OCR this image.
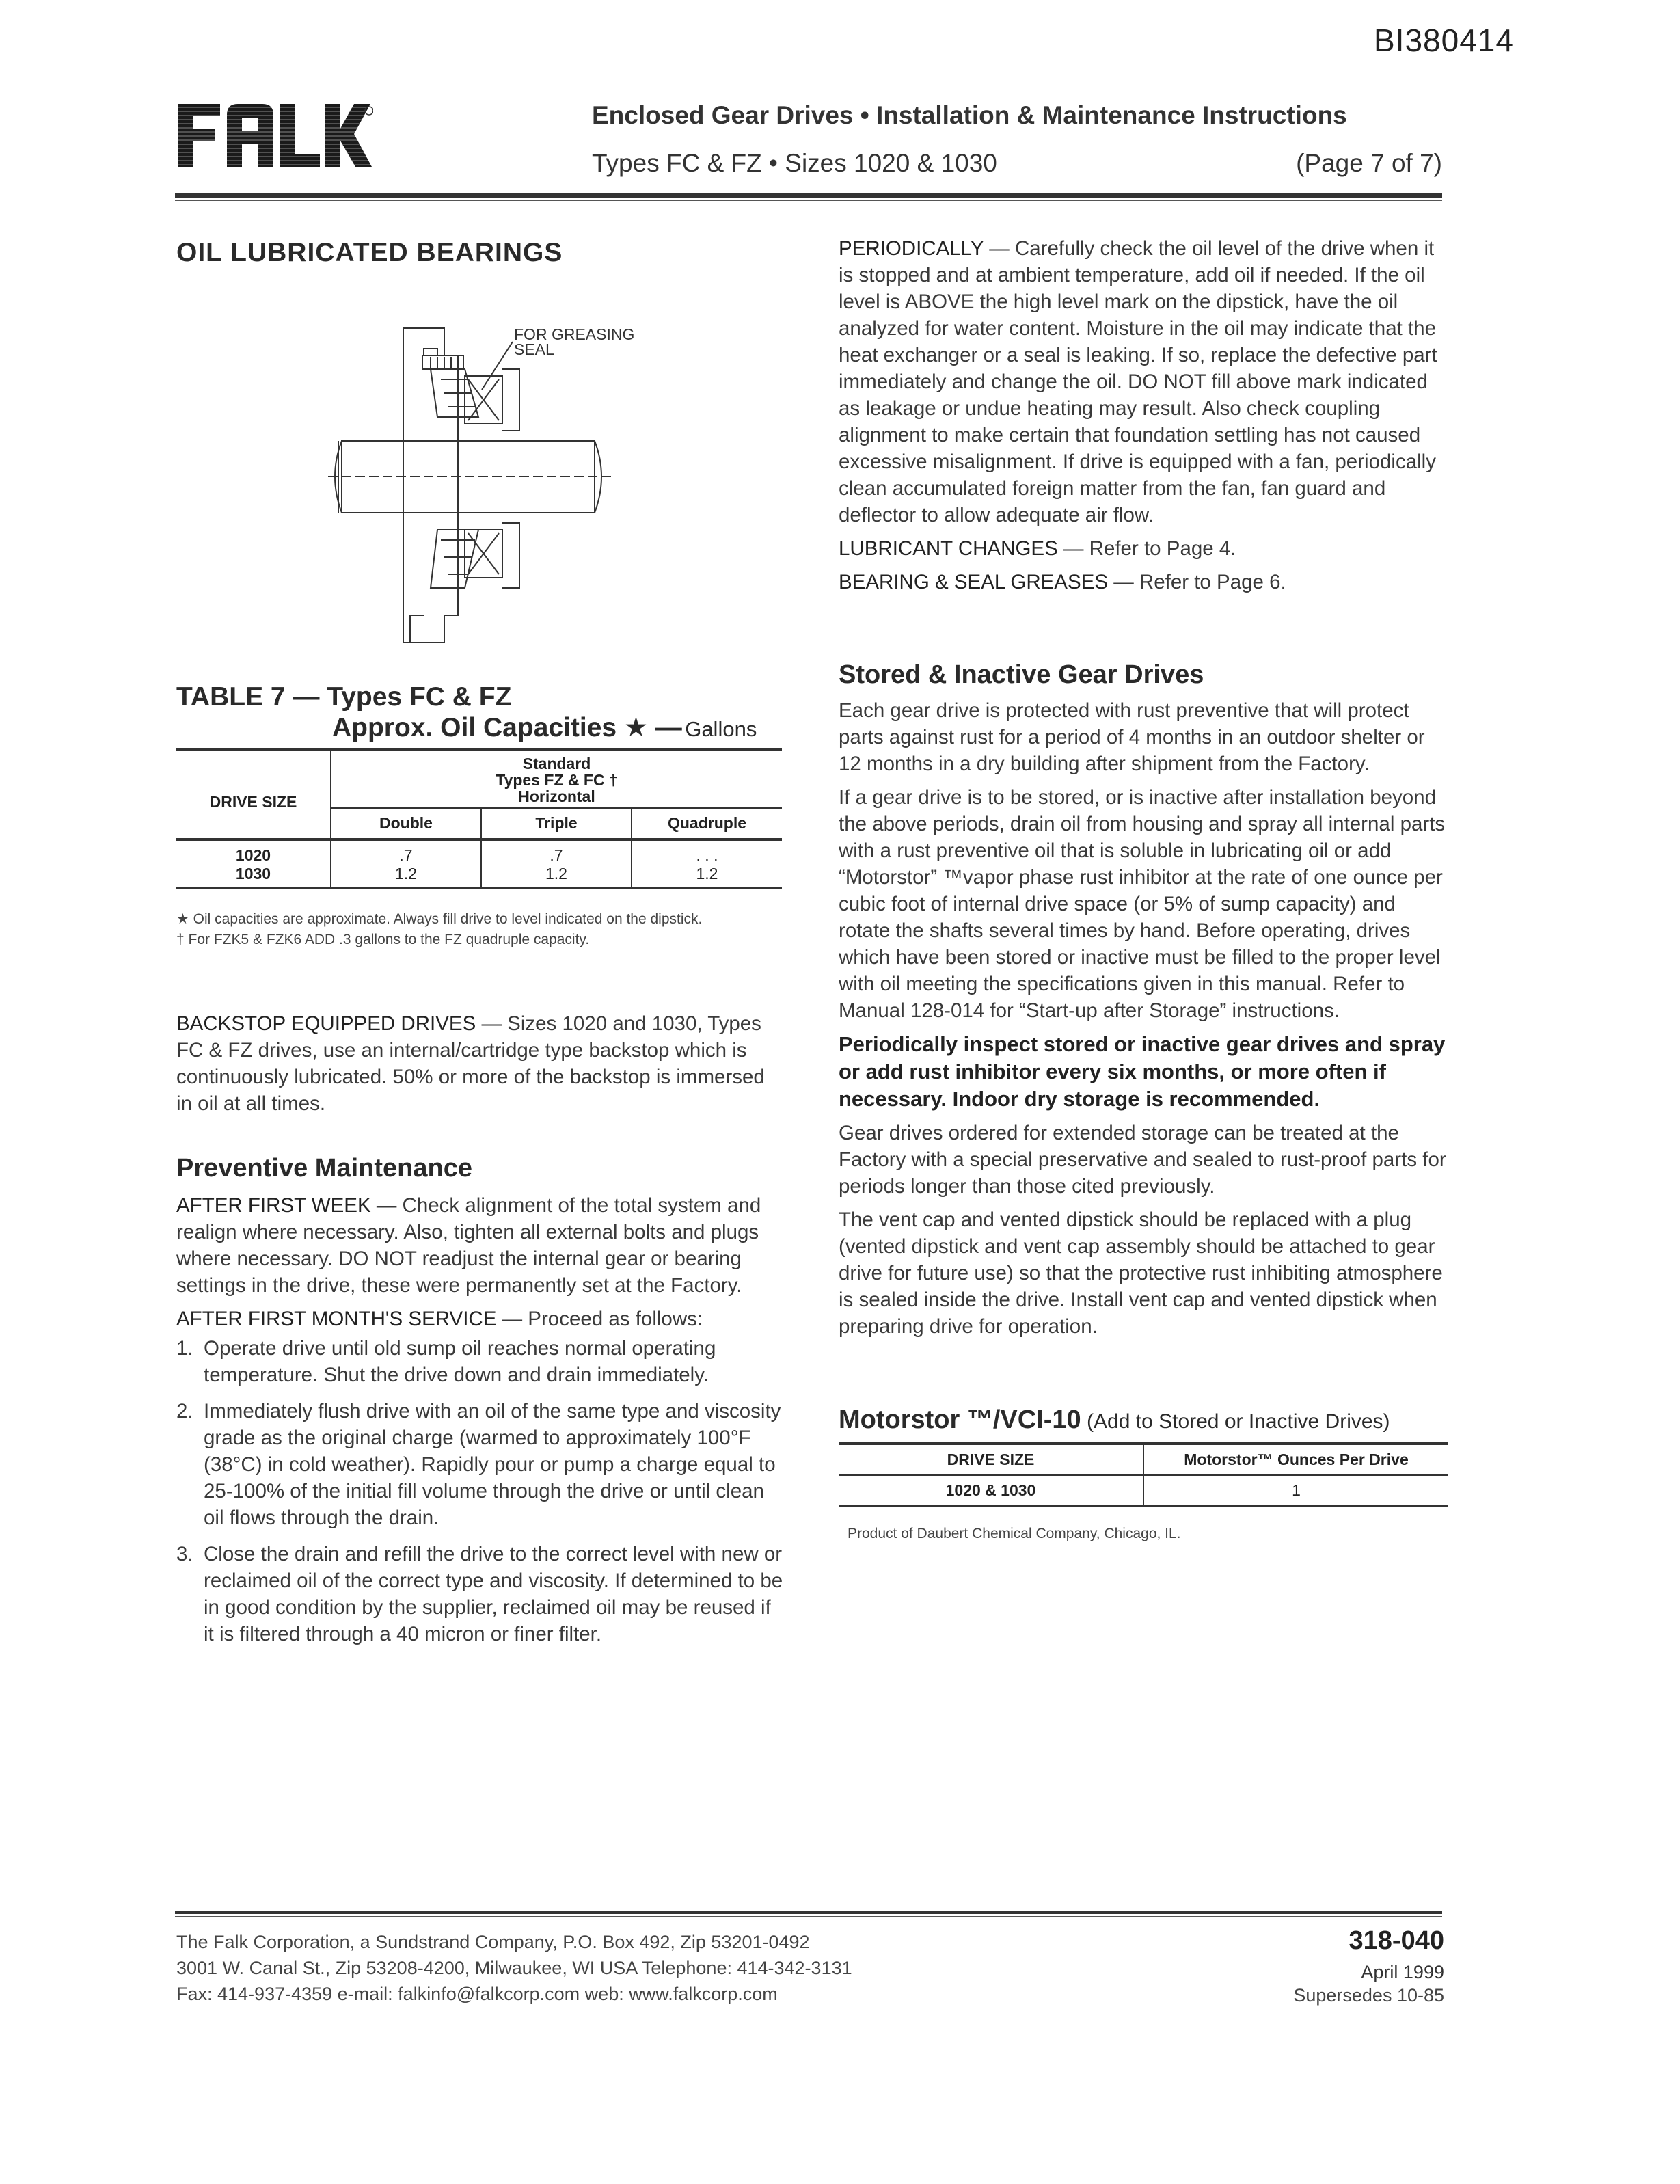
BI380414
Enclosed Gear Drives • Installation & Maintenance Instructions
Types FC & FZ • Sizes 1020 & 1030	(Page 7 of 7)
OIL LUBRICATED BEARINGS
FOR GREASING
SEAL
TABLE 7 — Types FC & FZ
Approx. Oil Capacities ★ — Gallons
DRIVE SIZE	Standard
Types FZ & FC †
Horizontal		

	Double	Triple	Quadruple
1020	.7	.7	. . .
1030	1.2	1.2	1.2
★ Oil capacities are approximate. Always fill drive to level indicated on the dipstick.
† For FZK5 & FZK6 ADD .3 gallons to the FZ quadruple capacity.

BACKSTOP EQUIPPED DRIVES — Sizes 1020 and 1030, Types FC & FZ drives, use an internal/cartridge type backstop which is continuously lubricated. 50% or more of the backstop is immersed in oil at all times.

Preventive Maintenance

AFTER FIRST WEEK — Check alignment of the total system and realign where necessary. Also, tighten all external bolts and plugs where necessary. DO NOT readjust the internal gear or bearing settings in the drive, these were permanently set at the Factory.

AFTER FIRST MONTH'S SERVICE — Proceed as follows:

1. Operate drive until old sump oil reaches normal operating temperature. Shut the drive down and drain immediately.
2. Immediately flush drive with an oil of the same type and viscosity grade as the original charge (warmed to approximately 100°F (38°C) in cold weather). Rapidly pour or pump a charge equal to 25-100% of the initial fill volume through the drive or until clean oil flows through the drain.
3. Close the drain and refill the drive to the correct level with new or reclaimed oil of the correct type and viscosity. If determined to be in good condition by the supplier, reclaimed oil may be reused if it is filtered through a 40 micron or finer filter.

PERIODICALLY — Carefully check the oil level of the drive when it is stopped and at ambient temperature, add oil if needed. If the oil level is ABOVE the high level mark on the dipstick, have the oil analyzed for water content. Moisture in the oil may indicate that the heat exchanger or a seal is leaking. If so, replace the defective part immediately and change the oil. DO NOT fill above mark indicated as leakage or undue heating may result. Also check coupling alignment to make certain that foundation settling has not caused excessive misalignment. If drive is equipped with a fan, periodically clean accumulated foreign matter from the fan, fan guard and deflector to allow adequate air flow.

LUBRICANT CHANGES — Refer to Page 4.

BEARING & SEAL GREASES — Refer to Page 6.

Stored & Inactive Gear Drives

Each gear drive is protected with rust preventive that will protect parts against rust for a period of 4 months in an outdoor shelter or 12 months in a dry building after shipment from the Factory.

If a gear drive is to be stored, or is inactive after installation beyond the above periods, drain oil from housing and spray all internal parts with a rust preventive oil that is soluble in lubricating oil or add “Motorstor” ™vapor phase rust inhibitor at the rate of one ounce per cubic foot of internal drive space (or 5% of sump capacity) and rotate the shafts several times by hand. Before operating, drives which have been stored or inactive must be filled to the proper level with oil meeting the specifications given in this manual. Refer to Manual 128-014 for “Start-up after Storage” instructions.

Periodically inspect stored or inactive gear drives and spray or add rust inhibitor every six months, or more often if necessary. Indoor dry storage is recommended.

Gear drives ordered for extended storage can be treated at the Factory with a special preservative and sealed to rust-proof parts for periods longer than those cited previously.

The vent cap and vented dipstick should be replaced with a plug (vented dipstick and vent cap assembly should be attached to gear drive for future use) so that the protective rust inhibiting atmosphere is sealed inside the drive. Install vent cap and vented dipstick when preparing drive for operation.

Motorstor ™/VCI-10 (Add to Stored or Inactive Drives)
DRIVE SIZE	Motorstor™ Ounces Per Drive
1020 & 1030	1
Product of Daubert Chemical Company, Chicago, IL.
The Falk Corporation, a Sundstrand Company, P.O. Box 492, Zip 53201-0492
3001 W. Canal St., Zip 53208-4200, Milwaukee, WI USA Telephone: 414-342-3131
Fax: 414-937-4359 e-mail: falkinfo@falkcorp.com web: www.falkcorp.com
318-040
April 1999
Supersedes 10-85
